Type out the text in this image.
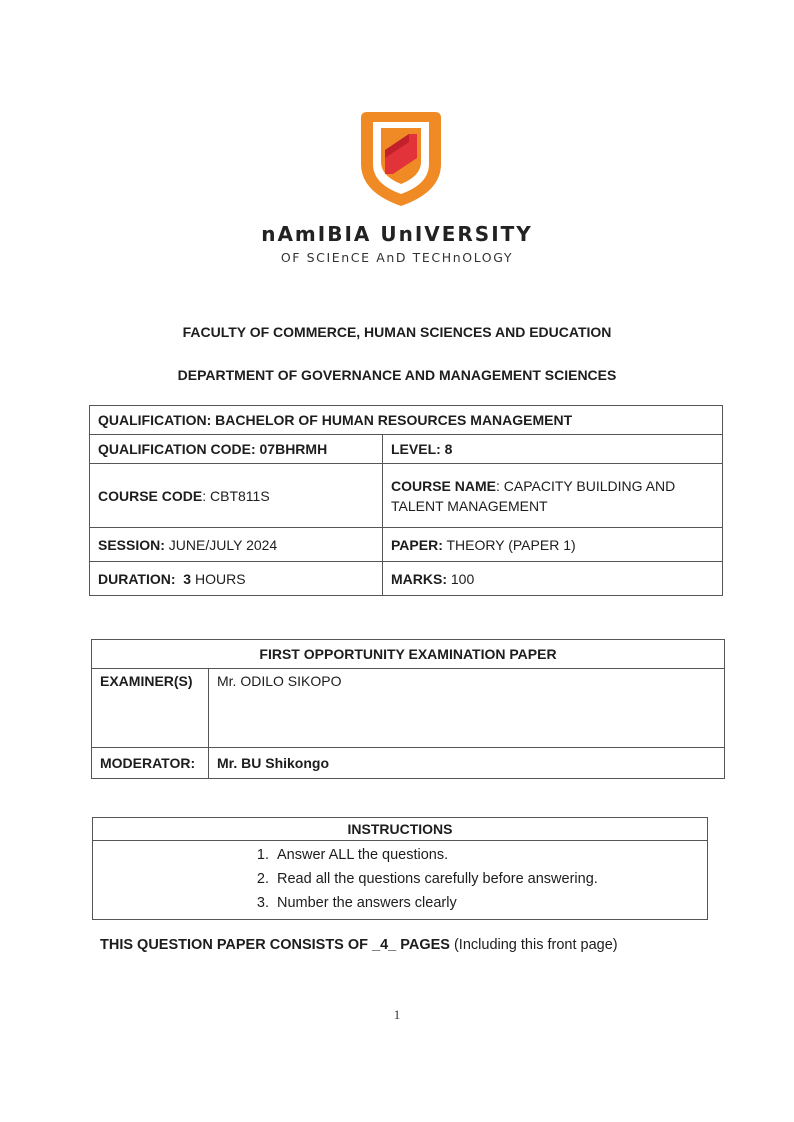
nAmIBIA UnIVERSITY
OF SCIEnCE AnD TECHnOLOGY
FACULTY OF COMMERCE, HUMAN SCIENCES AND EDUCATION
DEPARTMENT OF GOVERNANCE AND MANAGEMENT SCIENCES
QUALIFICATION: BACHELOR OF HUMAN RESOURCES MANAGEMENT	
QUALIFICATION CODE: 07BHRMH	LEVEL: 8
COURSE CODE: CBT811S	COURSE NAME: CAPACITY BUILDING AND TALENT MANAGEMENT
SESSION: JUNE/JULY 2024	PAPER: THEORY (PAPER 1)
DURATION: 3 HOURS	MARKS: 100
FIRST OPPORTUNITY EXAMINATION PAPER	
EXAMINER(S)	Mr. ODILO SIKOPO
MODERATOR:	Mr. BU Shikongo
INSTRUCTIONS

1. Answer ALL the questions.
2. Read all the questions carefully before answering.
3. Number the answers clearly
THIS QUESTION PAPER CONSISTS OF _4_ PAGES (Including this front page)
1
